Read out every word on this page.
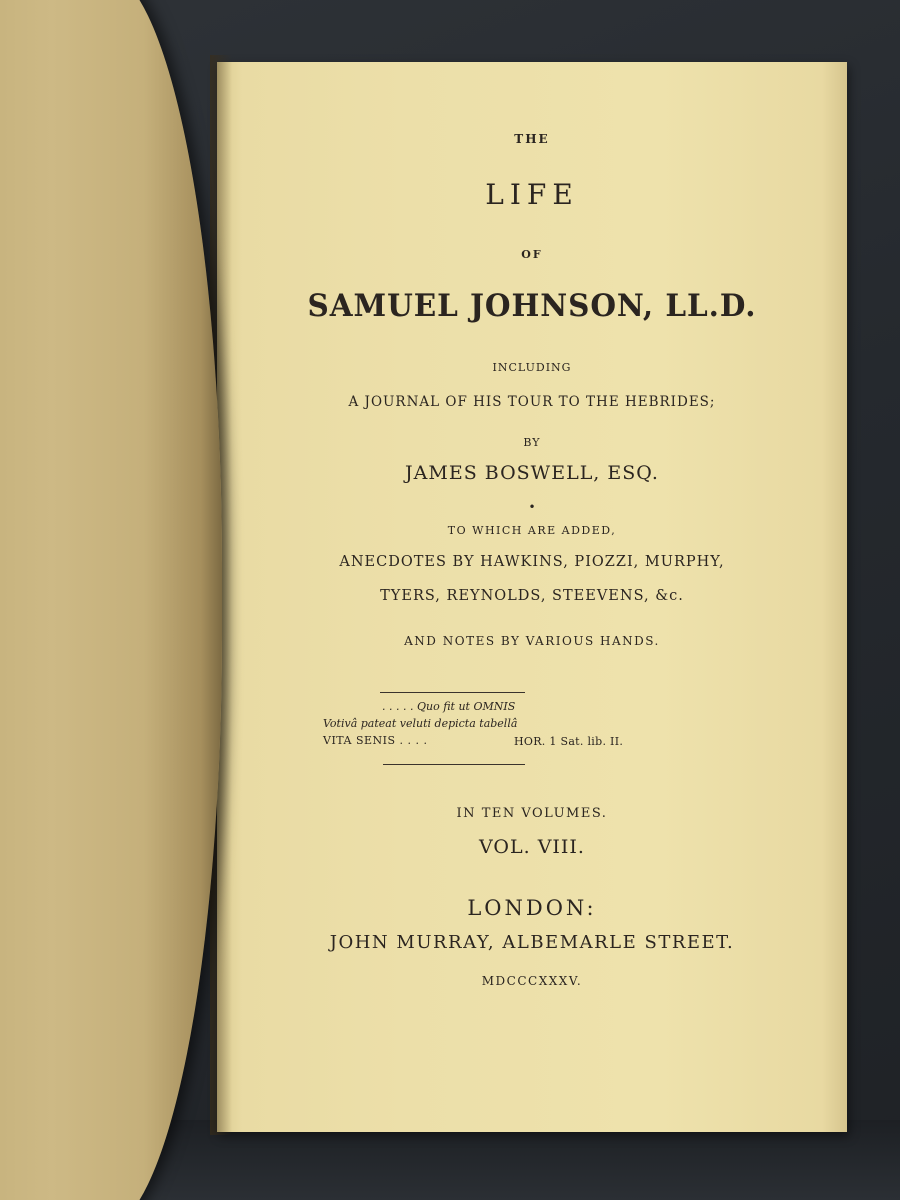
THE
LIFE
OF
SAMUEL JOHNSON, LL.D.
INCLUDING
A JOURNAL OF HIS TOUR TO THE HEBRIDES;
BY
JAMES BOSWELL, ESQ.
•
TO WHICH ARE ADDED,
ANECDOTES BY HAWKINS, PIOZZI, MURPHY,
TYERS, REYNOLDS, STEEVENS, &c.
AND NOTES BY VARIOUS HANDS.
. . . . . Quo fit ut OMNIS
Votivâ pateat veluti depicta tabellâ
VITA SENIS . . . .	HOR. 1 Sat. lib. II.
IN TEN VOLUMES.
VOL. VIII.
LONDON:
JOHN MURRAY, ALBEMARLE STREET.
MDCCCXXXV.
